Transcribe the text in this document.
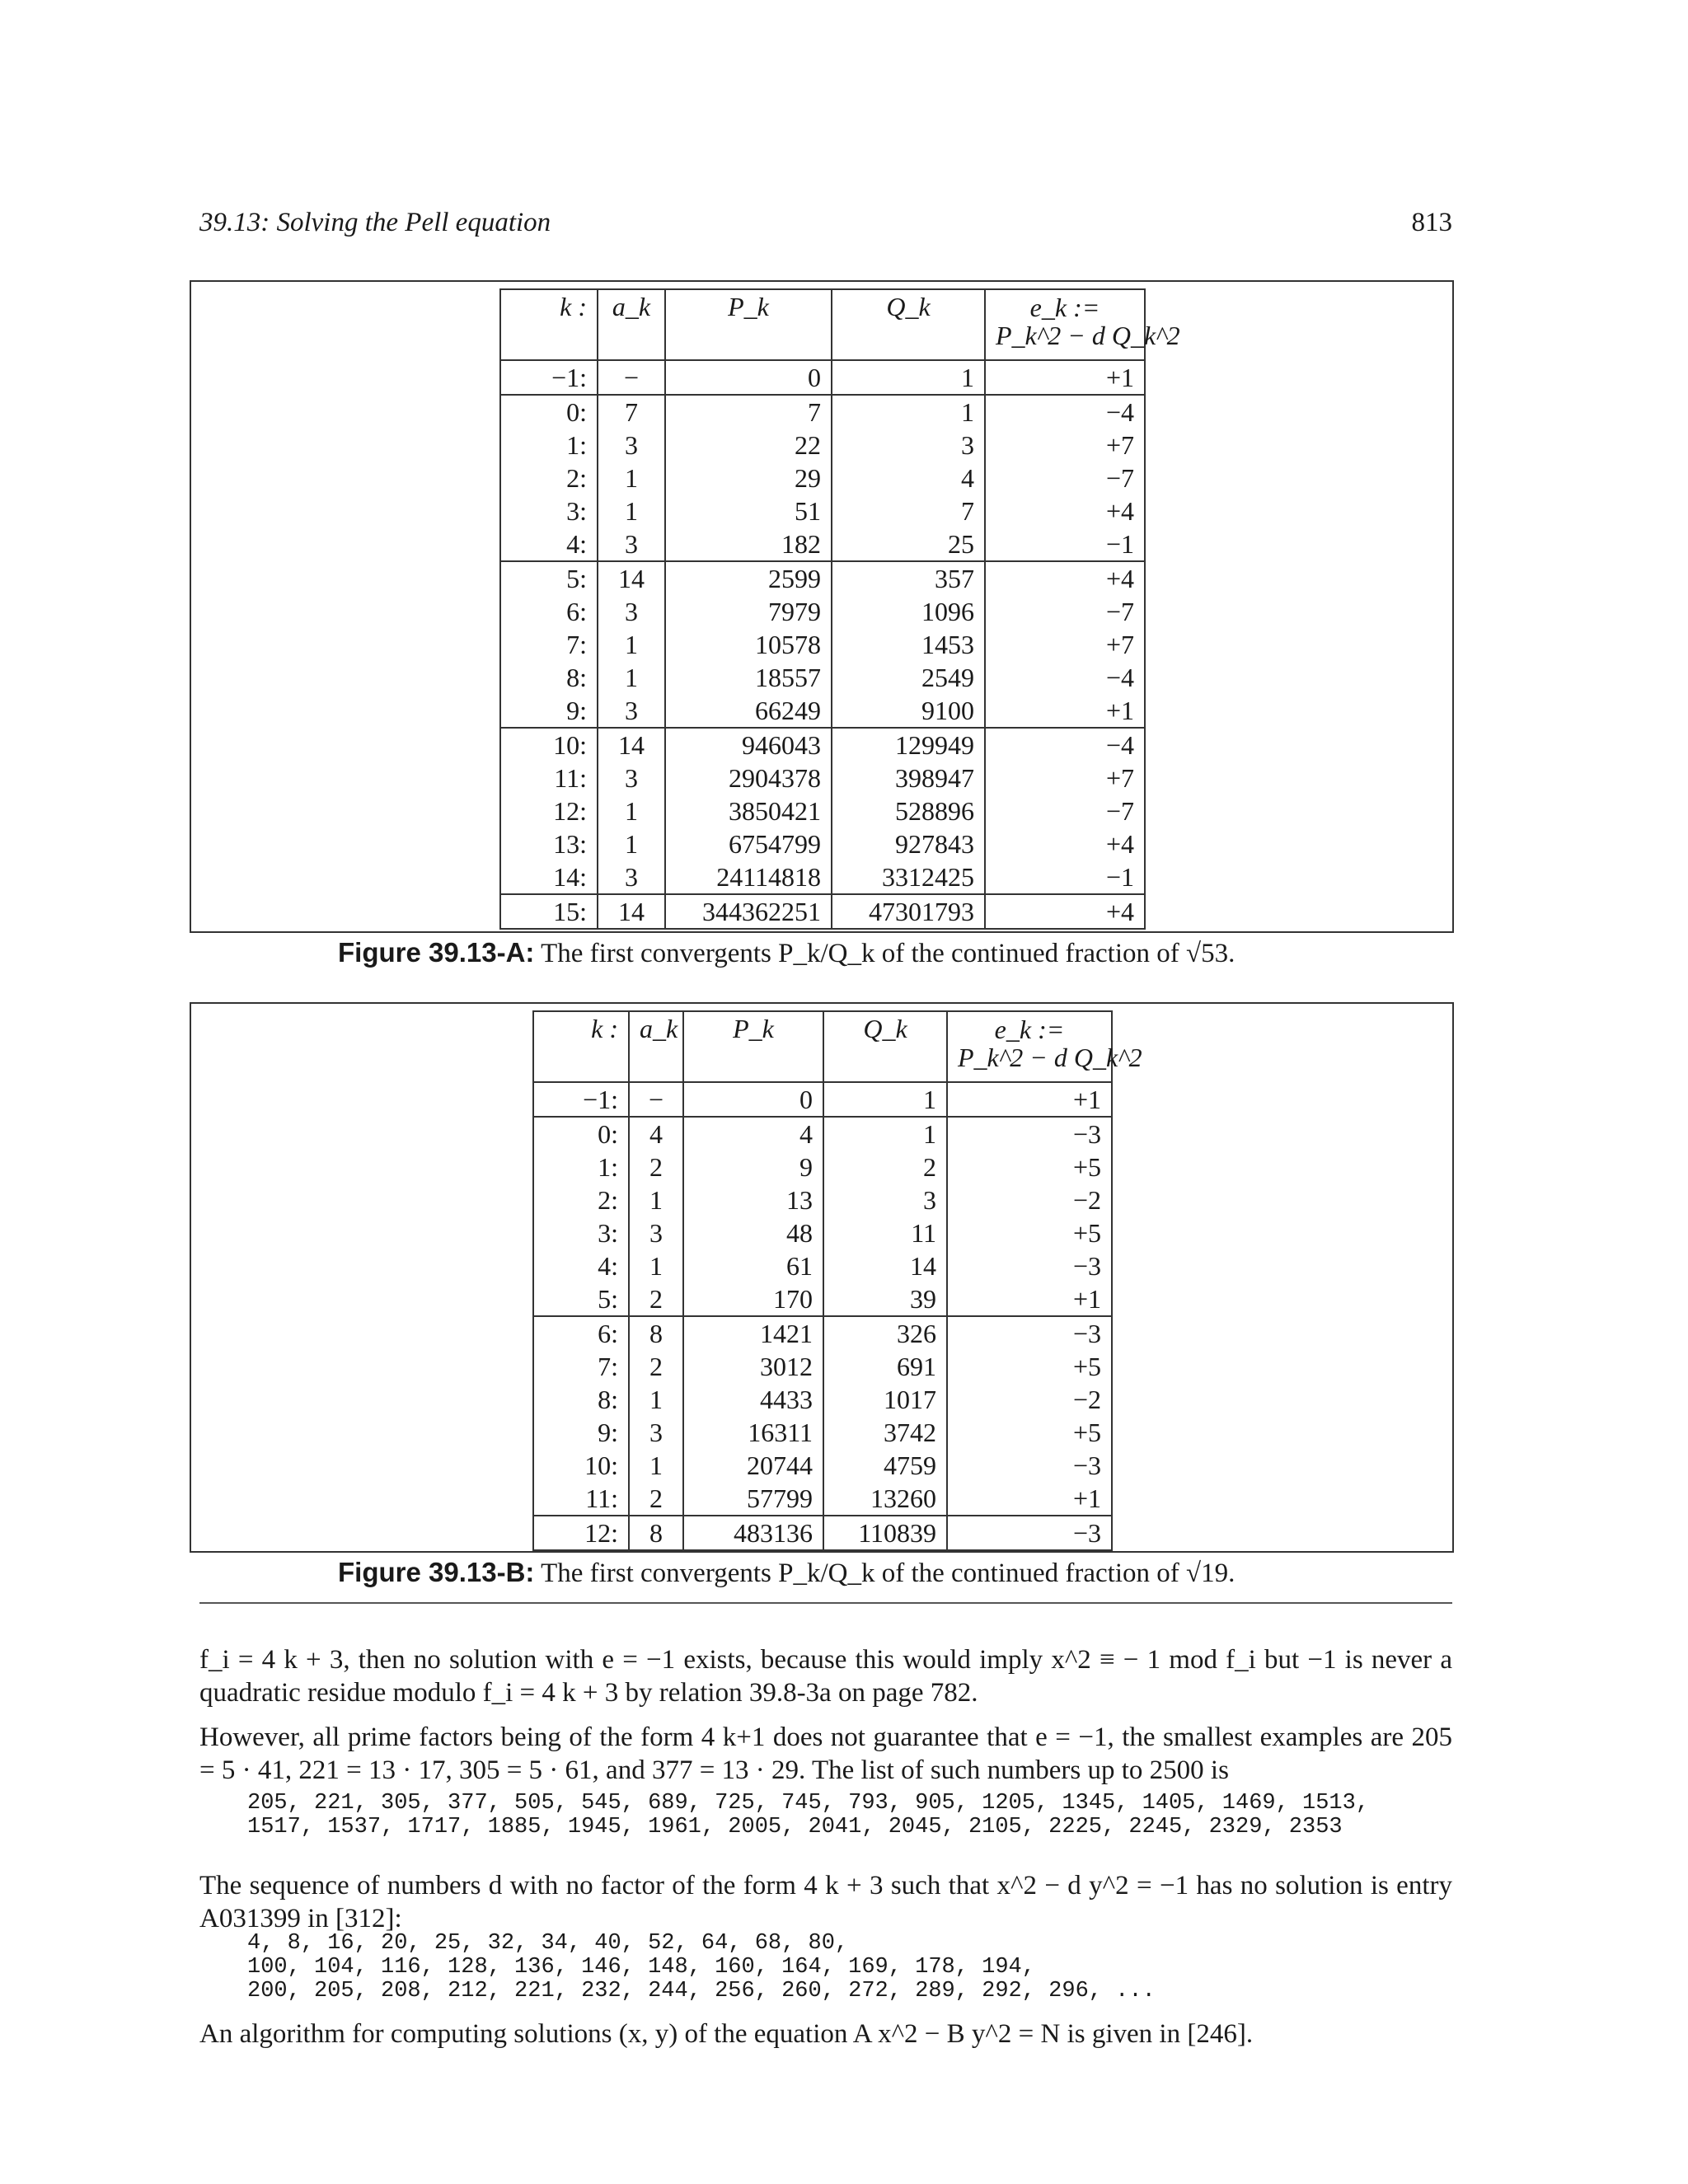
39.13: Solving the Pell equation	813
k :	a_k	P_k	Q_k	e_k :=
P_k^2 − d Q_k^2

−1:	−	0	1	+1
0:	7	7	1	−4
1:	3	22	3	+7
2:	1	29	4	−7
3:	1	51	7	+4
4:	3	182	25	−1
5:	14	2599	357	+4
6:	3	7979	1096	−7
7:	1	10578	1453	+7
8:	1	18557	2549	−4
9:	3	66249	9100	+1
10:	14	946043	129949	−4
11:	3	2904378	398947	+7
12:	1	3850421	528896	−7
13:	1	6754799	927843	+4
14:	3	24114818	3312425	−1
15:	14	344362251	47301793	+4
Figure 39.13-A: The first convergents P_k/Q_k of the continued fraction of √53.
k :	a_k	P_k	Q_k	e_k :=
P_k^2 − d Q_k^2

−1:	−	0	1	+1
0:	4	4	1	−3
1:	2	9	2	+5
2:	1	13	3	−2
3:	3	48	11	+5
4:	1	61	14	−3
5:	2	170	39	+1
6:	8	1421	326	−3
7:	2	3012	691	+5
8:	1	4433	1017	−2
9:	3	16311	3742	+5
10:	1	20744	4759	−3
11:	2	57799	13260	+1
12:	8	483136	110839	−3
Figure 39.13-B: The first convergents P_k/Q_k of the continued fraction of √19.
f_i = 4 k + 3, then no solution with e = −1 exists, because this would imply x^2 ≡ − 1 mod f_i but −1 is never a quadratic residue modulo f_i = 4 k + 3 by relation 39.8-3a on page 782.
However, all prime factors being of the form 4 k+1 does not guarantee that e = −1, the smallest examples are 205 = 5 · 41, 221 = 13 · 17, 305 = 5 · 61, and 377 = 13 · 29. The list of such numbers up to 2500 is
205, 221, 305, 377, 505, 545, 689, 725, 745, 793, 905, 1205, 1345, 1405, 1469, 1513,
1517, 1537, 1717, 1885, 1945, 1961, 2005, 2041, 2045, 2105, 2225, 2245, 2329, 2353
The sequence of numbers d with no factor of the form 4 k + 3 such that x^2 − d y^2 = −1 has no solution is entry A031399 in [312]:
4, 8, 16, 20, 25, 32, 34, 40, 52, 64, 68, 80,
100, 104, 116, 128, 136, 146, 148, 160, 164, 169, 178, 194,
200, 205, 208, 212, 221, 232, 244, 256, 260, 272, 289, 292, 296, ...
An algorithm for computing solutions (x, y) of the equation A x^2 − B y^2 = N is given in [246].
